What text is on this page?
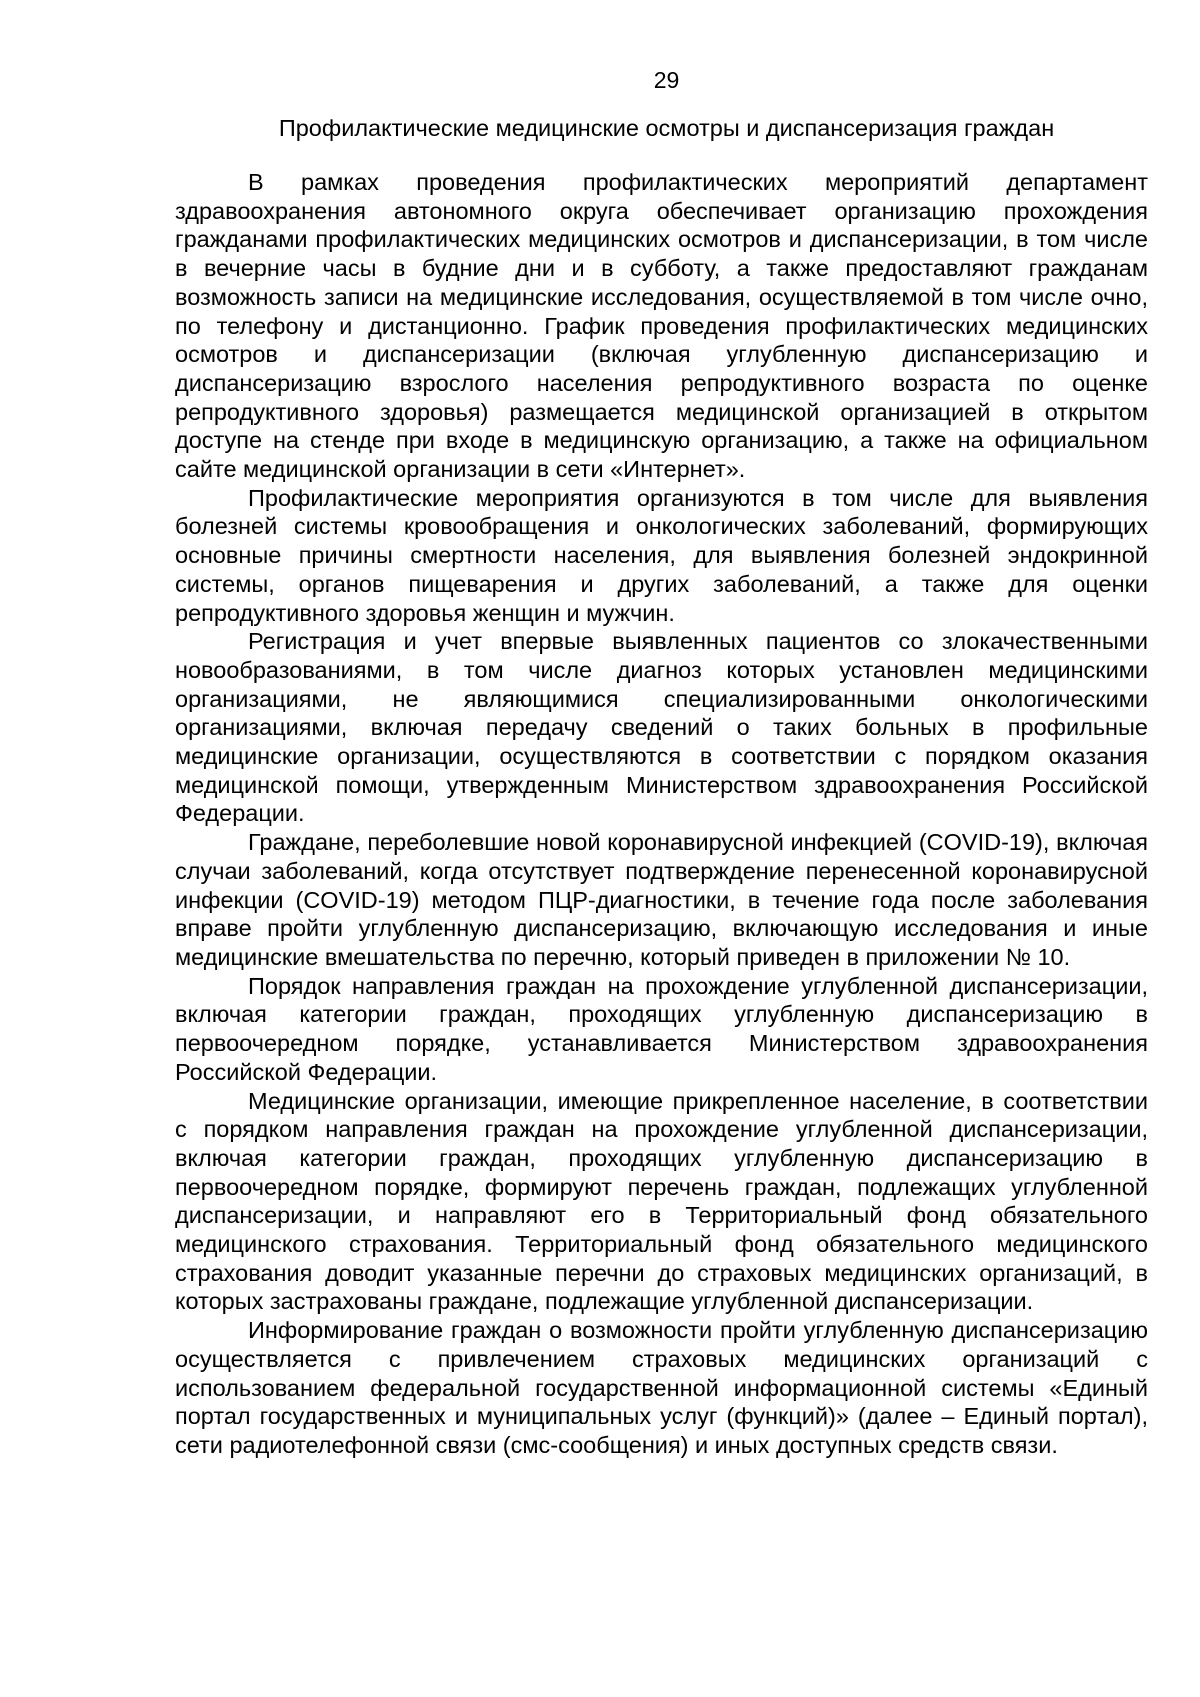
29
Профилактические медицинские осмотры и диспансеризация граждан

В рамках проведения профилактических мероприятий департамент здравоохранения автономного округа обеспечивает организацию прохождения гражданами профилактических медицинских осмотров и диспансеризации, в том числе в вечерние часы в будние дни и в субботу, а также предоставляют гражданам возможность записи на медицинские исследования, осуществляемой в том числе очно, по телефону и дистанционно. График проведения профилактических медицинских осмотров и диспансеризации (включая углубленную диспансеризацию и диспансеризацию взрослого населения репродуктивного возраста по оценке репродуктивного здоровья) размещается медицинской организацией в открытом доступе на стенде при входе в медицинскую организацию, а также на официальном сайте медицинской организации в сети «Интернет».

Профилактические мероприятия организуются в том числе для выявления болезней системы кровообращения и онкологических заболеваний, формирующих основные причины смертности населения, для выявления болезней эндокринной системы, органов пищеварения и других заболеваний, а также для оценки репродуктивного здоровья женщин и мужчин.

Регистрация и учет впервые выявленных пациентов со злокачественными новообразованиями, в том числе диагноз которых установлен медицинскими организациями, не являющимися специализированными онкологическими организациями, включая передачу сведений о таких больных в профильные медицинские организации, осуществляются в соответствии с порядком оказания медицинской помощи, утвержденным Министерством здравоохранения Российской Федерации.

Граждане, переболевшие новой коронавирусной инфекцией (COVID-19), включая случаи заболеваний, когда отсутствует подтверждение перенесенной коронавирусной инфекции (COVID-19) методом ПЦР-диагностики, в течение года после заболевания вправе пройти углубленную диспансеризацию, включающую исследования и иные медицинские вмешательства по перечню, который приведен в приложении № 10.

Порядок направления граждан на прохождение углубленной диспансеризации, включая категории граждан, проходящих углубленную диспансеризацию в первоочередном порядке, устанавливается Министерством здравоохранения Российской Федерации.

Медицинские организации, имеющие прикрепленное население, в соответствии с порядком направления граждан на прохождение углубленной диспансеризации, включая категории граждан, проходящих углубленную диспансеризацию в первоочередном порядке, формируют перечень граждан, подлежащих углубленной диспансеризации, и направляют его в Территориальный фонд обязательного медицинского страхования. Территориальный фонд обязательного медицинского страхования доводит указанные перечни до страховых медицинских организаций, в которых застрахованы граждане, подлежащие углубленной диспансеризации.

Информирование граждан о возможности пройти углубленную диспансеризацию осуществляется с привлечением страховых медицинских организаций с использованием федеральной государственной информационной системы «Единый портал государственных и муниципальных услуг (функций)» (далее – Единый портал), сети радиотелефонной связи (смс-сообщения) и иных доступных средств связи.
